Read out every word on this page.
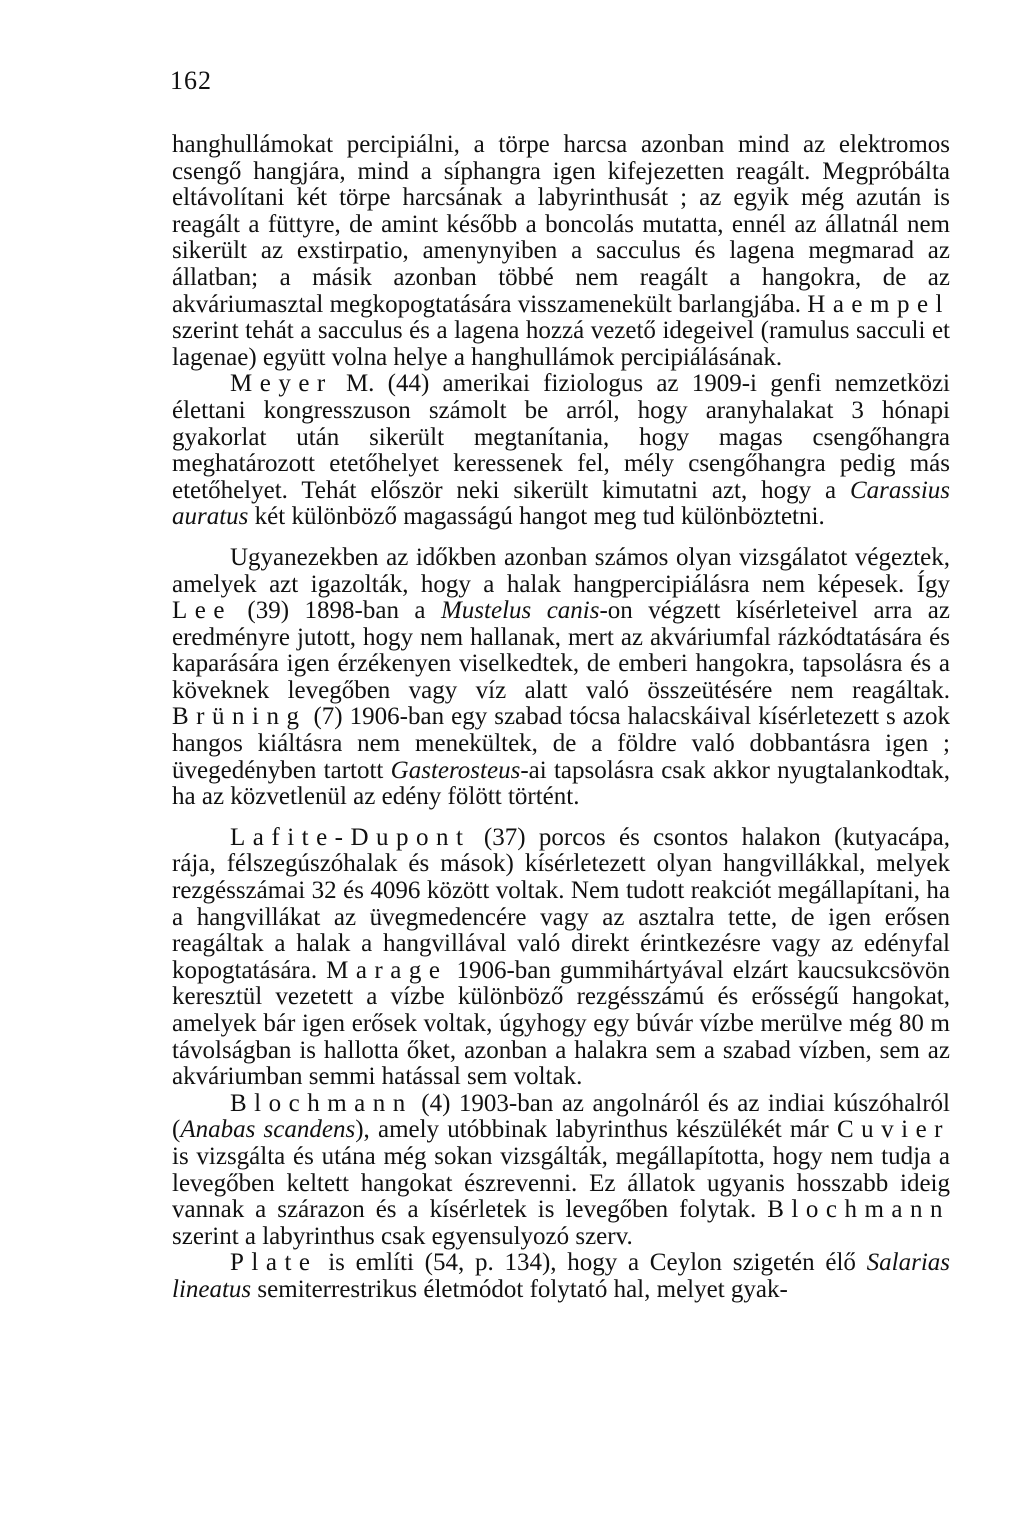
162

hanghullámokat percipiálni, a törpe harcsa azonban mind az elektromos csengő hangjára, mind a síphangra igen kifejezetten reagált. Megpróbálta eltávolítani két törpe harcsának a labyrinthusát ; az egyik még azután is reagált a füttyre, de amint később a boncolás mutatta, ennél az állatnál nem sikerült az exstirpatio, amenynyiben a sacculus és lagena megmarad az állatban; a másik azonban többé nem reagált a hangokra, de az akváriumasztal megkopogtatására visszamenekült barlangjába. Haempel szerint tehát a sacculus és a lagena hozzá vezető idegeivel (ramulus sacculi et lagenae) együtt volna helye a hanghullámok percipiálásának.

Meyer M. (44) amerikai fiziologus az 1909-i genfi nemzetközi élettani kongresszuson számolt be arról, hogy aranyhalakat 3 hónapi gyakorlat után sikerült megtanítania, hogy magas csengőhangra meghatározott etetőhelyet keressenek fel, mély csengőhangra pedig más etetőhelyet. Tehát először neki sikerült kimutatni azt, hogy a Carassius auratus két különböző magasságú hangot meg tud különböztetni.

Ugyanezekben az időkben azonban számos olyan vizsgálatot végeztek, amelyek azt igazolták, hogy a halak hangpercipiálásra nem képesek. Így Lee (39) 1898-ban a Mustelus canis-on végzett kísérleteivel arra az eredményre jutott, hogy nem hallanak, mert az akváriumfal rázkódtatására és kaparására igen érzékenyen viselkedtek, de emberi hangokra, tapsolásra és a köveknek levegőben vagy víz alatt való összeütésére nem reagáltak. Brüning (7) 1906-ban egy szabad tócsa halacskáival kísérletezett s azok hangos kiáltásra nem menekültek, de a földre való dobbantásra igen ; üvegedényben tartott Gasterosteus-ai tapsolásra csak akkor nyugtalankodtak, ha az közvetlenül az edény fölött történt.

Lafite-Dupont (37) porcos és csontos halakon (kutyacápa, rája, félszegúszóhalak és mások) kísérletezett olyan hangvillákkal, melyek rezgésszámai 32 és 4096 között voltak. Nem tudott reakciót megállapítani, ha a hangvillákat az üvegmedencére vagy az asztalra tette, de igen erősen reagáltak a halak a hangvillával való direkt érintkezésre vagy az edényfal kopogtatására. Marage 1906-ban gummihártyával elzárt kaucsukcsövön keresztül vezetett a vízbe különböző rezgésszámú és erősségű hangokat, amelyek bár igen erősek voltak, úgyhogy egy búvár vízbe merülve még 80 m távolságban is hallotta őket, azonban a halakra sem a szabad vízben, sem az akváriumban semmi hatással sem voltak.

Blochmann (4) 1903-ban az angolnáról és az indiai kúszóhalról (Anabas scandens), amely utóbbinak labyrinthus készülékét már Cuvier is vizsgálta és utána még sokan vizsgálták, megállapította, hogy nem tudja a levegőben keltett hangokat észrevenni. Ez állatok ugyanis hosszabb ideig vannak a szárazon és a kísérletek is levegőben folytak. Blochmann szerint a labyrinthus csak egyensulyozó szerv.

Plate is említi (54, p. 134), hogy a Ceylon szigetén élő Salarias lineatus semiterrestrikus életmódot folytató hal, melyet gyak-
